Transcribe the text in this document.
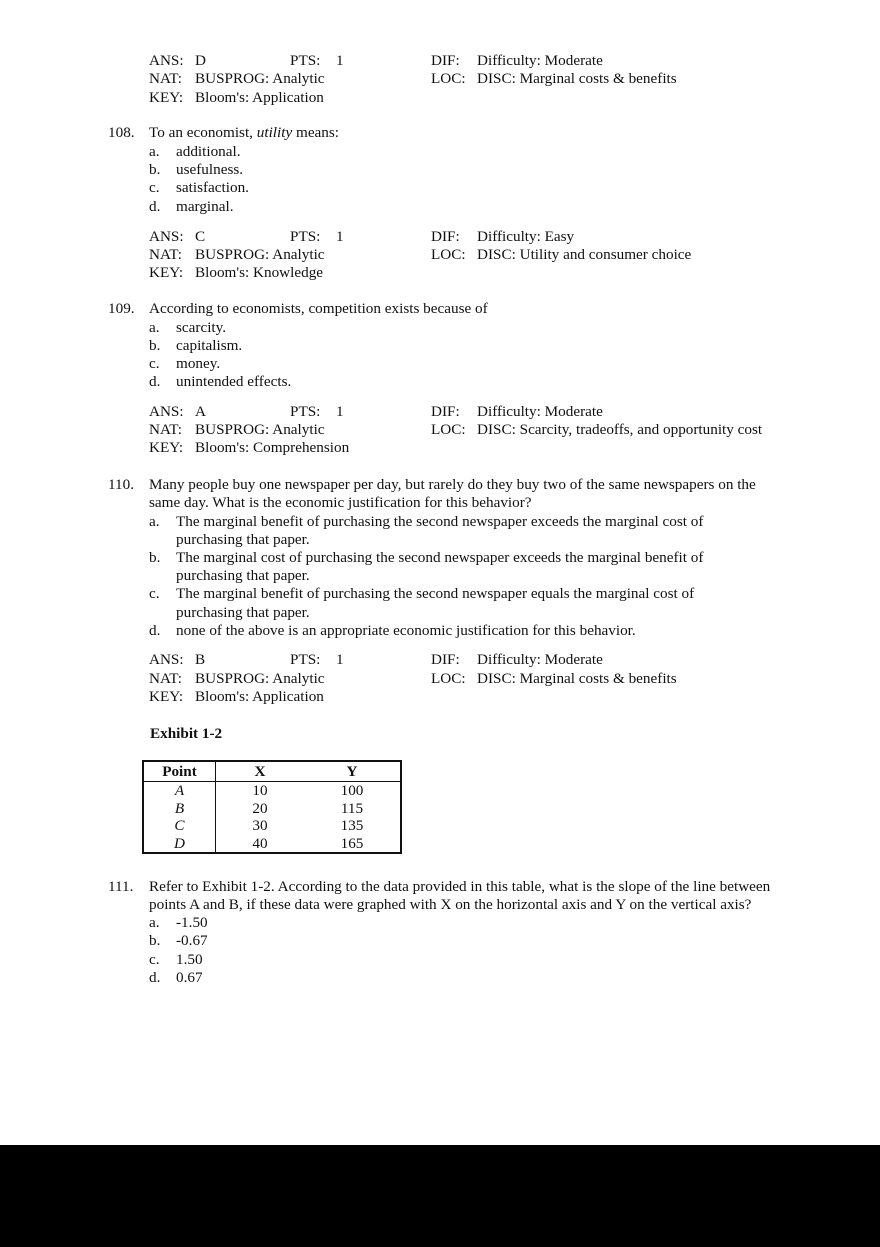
ANS: D	PTS: 1	DIF: Difficulty: Moderate
NAT: BUSPROG: Analytic	LOC: DISC: Marginal costs & benefits
KEY: Bloom's: Application
108. To an economist, utility means:
a. additional.
b. usefulness.
c. satisfaction.
d. marginal.
ANS: C	PTS: 1	DIF: Difficulty: Easy
NAT: BUSPROG: Analytic	LOC: DISC: Utility and consumer choice
KEY: Bloom's: Knowledge
109. According to economists, competition exists because of
a. scarcity.
b. capitalism.
c. money.
d. unintended effects.
ANS: A	PTS: 1	DIF: Difficulty: Moderate
NAT: BUSPROG: Analytic	LOC: DISC: Scarcity, tradeoffs, and opportunity cost
KEY: Bloom's: Comprehension
110. Many people buy one newspaper per day, but rarely do they buy two of the same newspapers on the
same day. What is the economic justification for this behavior?
a. The marginal benefit of purchasing the second newspaper exceeds the marginal cost of
purchasing that paper.
b. The marginal cost of purchasing the second newspaper exceeds the marginal benefit of
purchasing that paper.
c. The marginal benefit of purchasing the second newspaper equals the marginal cost of
purchasing that paper.
d. none of the above is an appropriate economic justification for this behavior.
ANS: B	PTS: 1	DIF: Difficulty: Moderate
NAT: BUSPROG: Analytic	LOC: DISC: Marginal costs & benefits
KEY: Bloom's: Application
Exhibit 1-2
Point	X	Y
A	10	100
B	20	115
C	30	135
D	40	165
111. Refer to Exhibit 1-2. According to the data provided in this table, what is the slope of the line between
points A and B, if these data were graphed with X on the horizontal axis and Y on the vertical axis?
a. -1.50
b. -0.67
c. 1.50
d. 0.67
